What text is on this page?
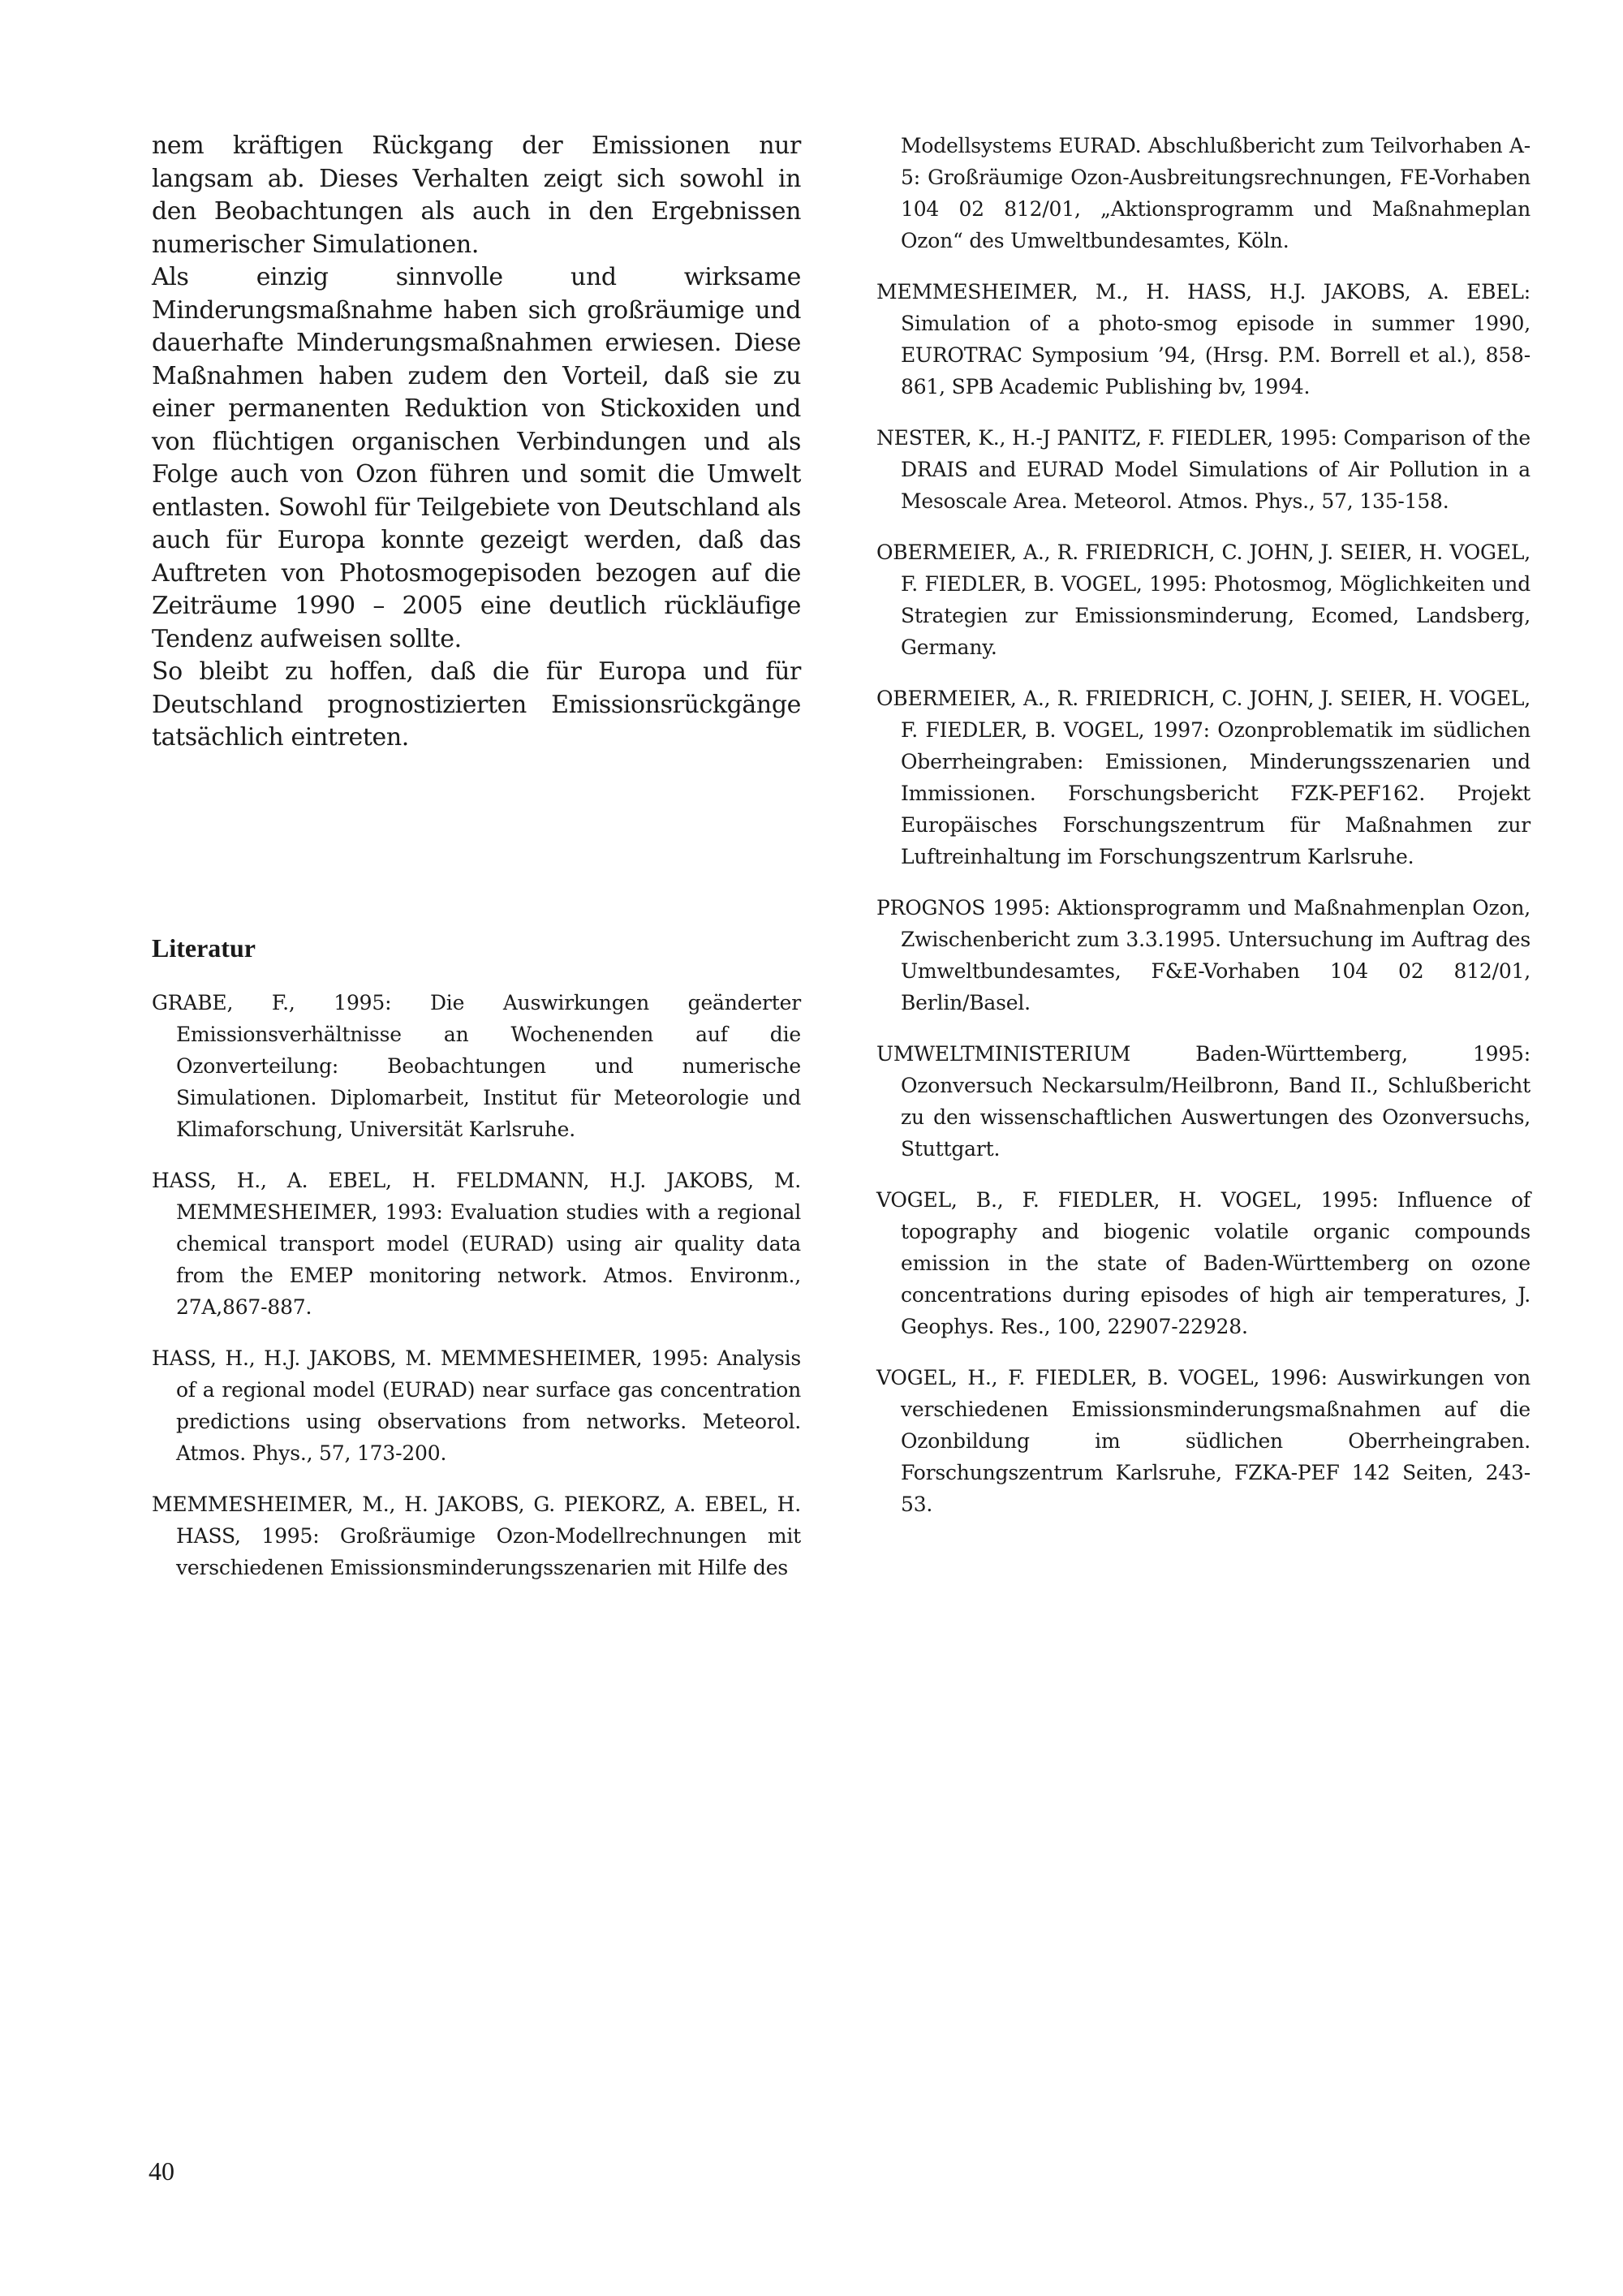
nem kräftigen Rückgang der Emissionen nur langsam ab. Dieses Verhalten zeigt sich sowohl in den Beobachtungen als auch in den Ergebnissen numerischer Simulationen.

Als einzig sinnvolle und wirksame Minderungsmaßnahme haben sich großräumige und dauerhafte Minderungsmaßnahmen erwiesen. Diese Maßnahmen haben zudem den Vorteil, daß sie zu einer permanenten Reduktion von Stickoxiden und von flüchtigen organischen Verbindungen und als Folge auch von Ozon führen und somit die Umwelt entlasten. Sowohl für Teilgebiete von Deutschland als auch für Europa konnte gezeigt werden, daß das Auftreten von Photosmogepisoden bezogen auf die Zeiträume 1990 – 2005 eine deutlich rückläufige Tendenz aufweisen sollte.

So bleibt zu hoffen, daß die für Europa und für Deutschland prognostizierten Emissionsrückgänge tatsächlich eintreten.

Literatur

GRABE, F., 1995: Die Auswirkungen geänderter Emissionsverhältnisse an Wochenenden auf die Ozonverteilung: Beobachtungen und numerische Simulationen. Diplomarbeit, Institut für Meteorologie und Klimaforschung, Universität Karlsruhe.

HASS, H., A. EBEL, H. FELDMANN, H.J. JAKOBS, M. MEMMESHEIMER, 1993: Evaluation studies with a regional chemical transport model (EURAD) using air quality data from the EMEP monitoring network. Atmos. Environm., 27A,867-887.

HASS, H., H.J. JAKOBS, M. MEMMESHEIMER, 1995: Analysis of a regional model (EURAD) near surface gas concentration predictions using observations from networks. Meteorol. Atmos. Phys., 57, 173-200.

MEMMESHEIMER, M., H. JAKOBS, G. PIEKORZ, A. EBEL, H. HASS, 1995: Großräumige Ozon-Modellrechnungen mit verschiedenen Emissionsminderungsszenarien mit Hilfe des

Modellsystems EURAD. Abschlußbericht zum Teilvorhaben A-5: Großräumige Ozon-Ausbreitungsrechnungen, FE-Vorhaben 104 02 812/01, „Aktionsprogramm und Maßnahmeplan Ozon“ des Umweltbundesamtes, Köln.

MEMMESHEIMER, M., H. HASS, H.J. JAKOBS, A. EBEL: Simulation of a photo-smog episode in summer 1990, EUROTRAC Symposium ’94, (Hrsg. P.M. Borrell et al.), 858-861, SPB Academic Publishing bv, 1994.

NESTER, K., H.-J PANITZ, F. FIEDLER, 1995: Comparison of the DRAIS and EURAD Model Simulations of Air Pollution in a Mesoscale Area. Meteorol. Atmos. Phys., 57, 135-158.

OBERMEIER, A., R. FRIEDRICH, C. JOHN, J. SEIER, H. VOGEL, F. FIEDLER, B. VOGEL, 1995: Photosmog, Möglichkeiten und Strategien zur Emissionsminderung, Ecomed, Landsberg, Germany.

OBERMEIER, A., R. FRIEDRICH, C. JOHN, J. SEIER, H. VOGEL, F. FIEDLER, B. VOGEL, 1997: Ozonproblematik im südlichen Oberrheingraben: Emissionen, Minderungsszenarien und Immissionen. Forschungsbericht FZK-PEF162. Projekt Europäisches Forschungszentrum für Maßnahmen zur Luftreinhaltung im Forschungszentrum Karlsruhe.

PROGNOS 1995: Aktionsprogramm und Maßnahmenplan Ozon, Zwischenbericht zum 3.3.1995. Untersuchung im Auftrag des Umweltbundesamtes, F&E-Vorhaben 104 02 812/01, Berlin/Basel.

UMWELTMINISTERIUM Baden-Württemberg, 1995: Ozonversuch Neckarsulm/Heilbronn, Band II., Schlußbericht zu den wissenschaftlichen Auswertungen des Ozonversuchs, Stuttgart.

VOGEL, B., F. FIEDLER, H. VOGEL, 1995: Influence of topography and biogenic volatile organic compounds emission in the state of Baden-Württemberg on ozone concentrations during episodes of high air temperatures, J. Geophys. Res., 100, 22907-22928.

VOGEL, H., F. FIEDLER, B. VOGEL, 1996: Auswirkungen von verschiedenen Emissionsminderungsmaßnahmen auf die Ozonbildung im südlichen Oberrheingraben. Forschungszentrum Karlsruhe, FZKA-PEF 142 Seiten, 243-53.

40
